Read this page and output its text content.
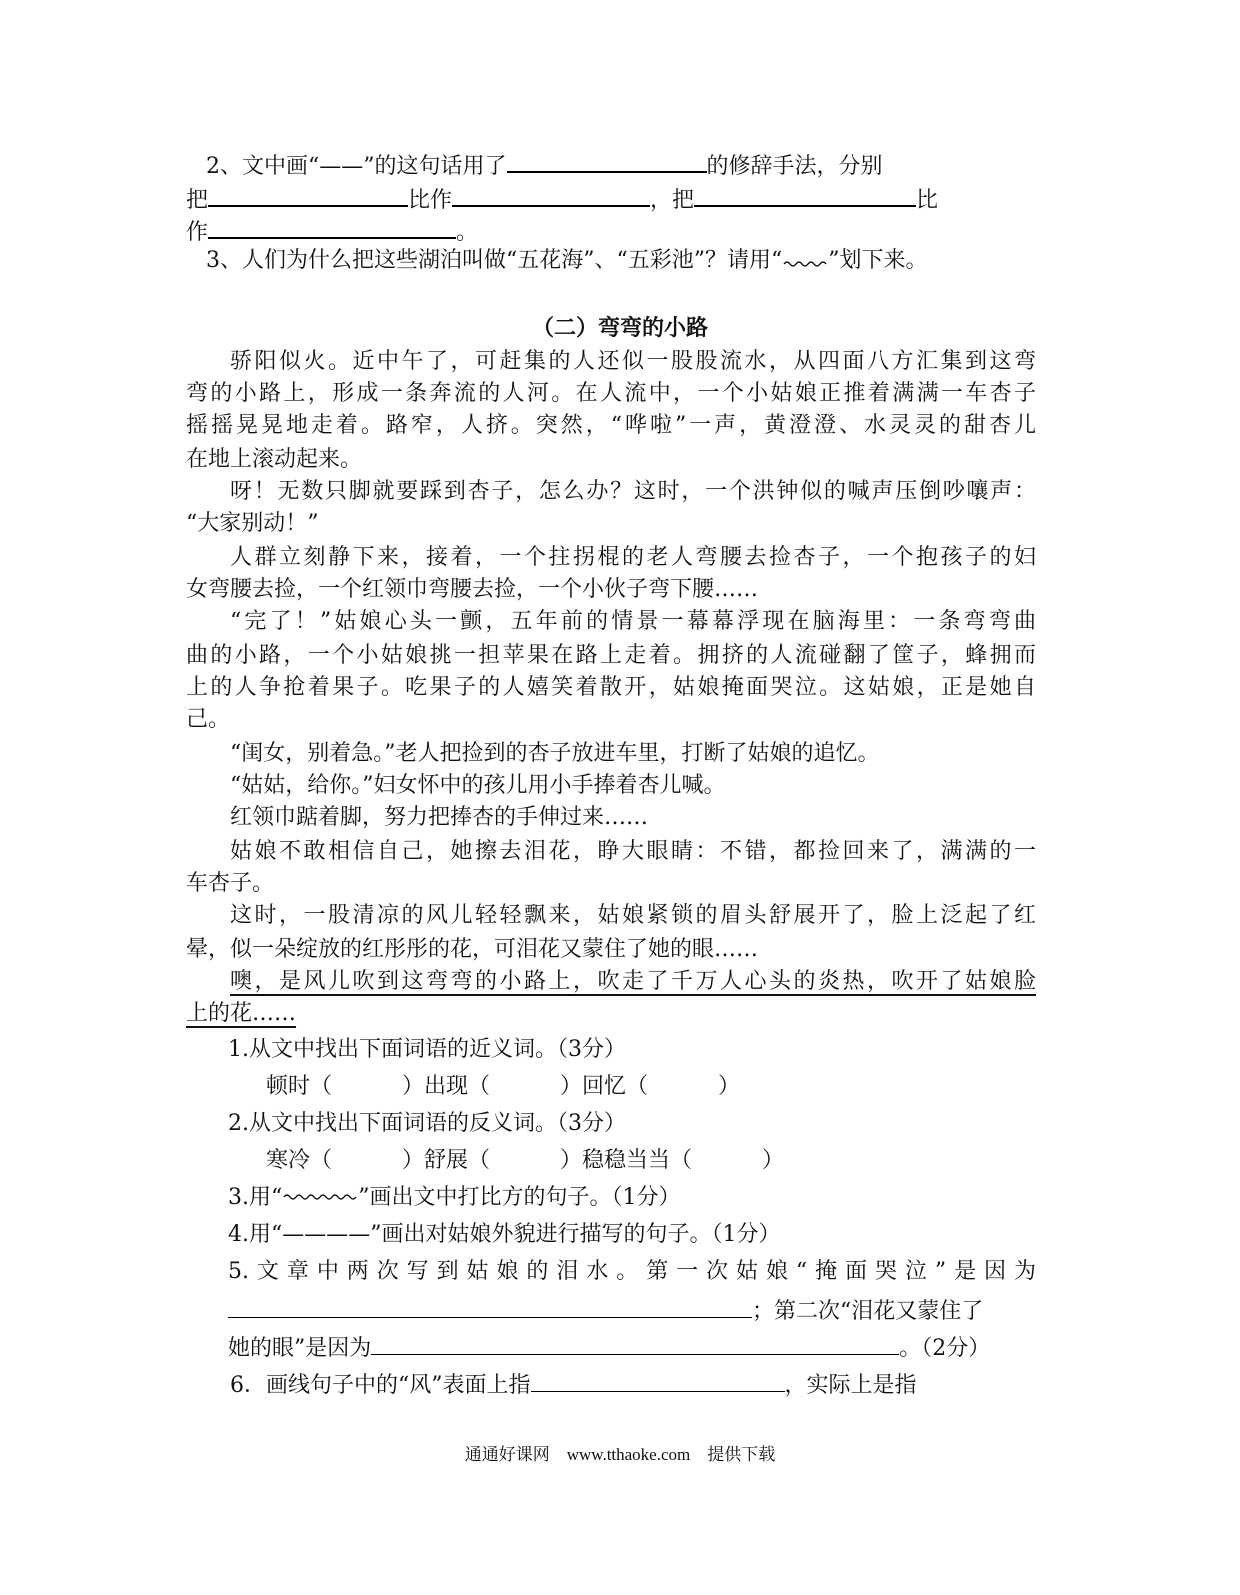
2、文中画“——”的这句话用了	的修辞手法，分别
把	比作	，把	比
作	。
3、人们为什么把这些湖泊叫做“五花海”、“五彩池”？请用“ ”划下来。
（二）弯弯的小路
骄阳似火。近中午了，可赶集的人还似一股股流水，从四面八方汇集到这弯
弯的小路上，形成一条奔流的人河。在人流中，一个小姑娘正推着满满一车杏子
摇摇晃晃地走着。路窄，人挤。突然，“哗啦”一声，黄澄澄、水灵灵的甜杏儿
在地上滚动起来。
呀！无数只脚就要踩到杏子，怎么办？这时，一个洪钟似的喊声压倒吵嚷声：
“大家别动！”
人群立刻静下来，接着，一个拄拐棍的老人弯腰去捡杏子，一个抱孩子的妇
女弯腰去捡，一个红领巾弯腰去捡，一个小伙子弯下腰……
“完了！”姑娘心头一颤，五年前的情景一幕幕浮现在脑海里：一条弯弯曲
曲的小路，一个小姑娘挑一担苹果在路上走着。拥挤的人流碰翻了筐子，蜂拥而
上的人争抢着果子。吃果子的人嬉笑着散开，姑娘掩面哭泣。这姑娘，正是她自
己。
“闺女，别着急。”老人把捡到的杏子放进车里，打断了姑娘的追忆。
“姑姑，给你。”妇女怀中的孩儿用小手捧着杏儿喊。
红领巾踮着脚，努力把捧杏的手伸过来……
姑娘不敢相信自己，她擦去泪花，睁大眼睛：不错，都捡回来了，满满的一
车杏子。
这时，一股清凉的风儿轻轻飘来，姑娘紧锁的眉头舒展开了，脸上泛起了红
晕，似一朵绽放的红彤彤的花，可泪花又蒙住了她的眼……
噢，是风儿吹到这弯弯的小路上，吹走了千万人心头的炎热，吹开了姑娘脸
上的花……
1.从文中找出下面词语的近义词。（3分）
顿时（	）出现（	）回忆（	）
2.从文中找出下面词语的反义词。（3分）
寒冷（	）舒展（	）稳稳当当（	）
3.用“	”画出文中打比方的句子。（1分）
4.用“————”画出对姑娘外貌进行描写的句子。（1分）
5.文章中两次写到姑娘的泪水。第一次姑娘“掩面哭泣”是因为
；第二次“泪花又蒙住了
她的眼”是因为	。（2分）
6．画线句子中的“风”表面上指	，实际上是指
通通好课网　www.tthaoke.com　提供下载
